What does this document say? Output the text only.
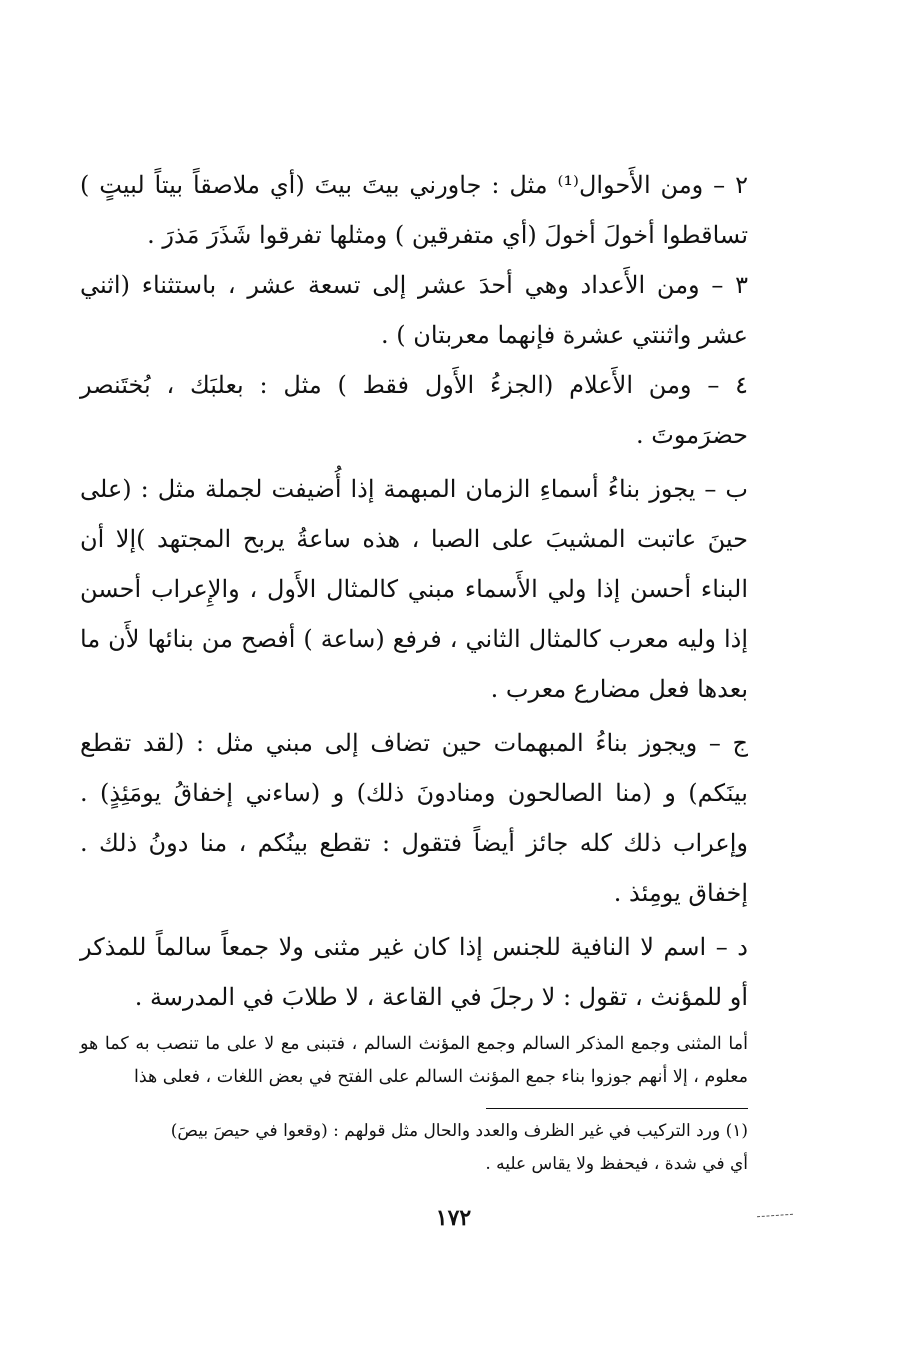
٢ – ومن الأَحوال⁽¹⁾ مثل : جاورني بيتَ بيتَ (أي ملاصقاً بيتاً لبيتٍ ) تساقطوا أخولَ أخولَ (أي متفرقين ) ومثلها تفرقوا شَذَرَ مَذرَ .

٣ – ومن الأَعداد وهي أحدَ عشر إلى تسعة عشر ، باستثناء (اثني عشر واثنتي عشرة فإنهما معربتان ) .

٤ – ومن الأَعلام (الجزءُ الأَول فقط ) مثل : بعلبَك ، بُختَنصر حضرَموتَ .

ب – يجوز بناءُ أسماءِ الزمان المبهمة إذا أُضيفت لجملة مثل : (على حينَ عاتبت المشيبَ على الصبا ، هذه ساعةُ يربح المجتهد )إلا أن البناء أحسن إذا ولي الأَسماء مبني كالمثال الأَول ، والإِعراب أحسن إذا وليه معرب كالمثال الثاني ، فرفع (ساعة ) أفصح من بنائها لأَن ما بعدها فعل مضارع معرب .

ج – ويجوز بناءُ المبهمات حين تضاف إلى مبني مثل : (لقد تقطع بينَكم) و (منا الصالحون ومنادونَ ذلك) و (ساءني إخفاقُ يومَئِذٍ) . وإعراب ذلك كله جائز أيضاً فتقول : تقطع بينُكم ، منا دونُ ذلك . إخفاق يومِئذ .

د – اسم لا النافية للجنس إذا كان غير مثنى ولا جمعاً سالماً للمذكر أو للمؤنث ، تقول : لا رجلَ في القاعة ، لا طلابَ في المدرسة .

أما المثنى وجمع المذكر السالم وجمع المؤنث السالم ، فتبنى مع لا على ما تنصب به كما هو معلوم ، إلا أنهم جوزوا بناء جمع المؤنث السالم على الفتح في بعض اللغات ، فعلى هذا

(١) ورد التركيب في غير الظرف والعدد والحال مثل قولهم : (وقعوا في حيصَ بيصَ)
أي في شدة ، فيحفظ ولا يقاس عليه .
١٧٢
